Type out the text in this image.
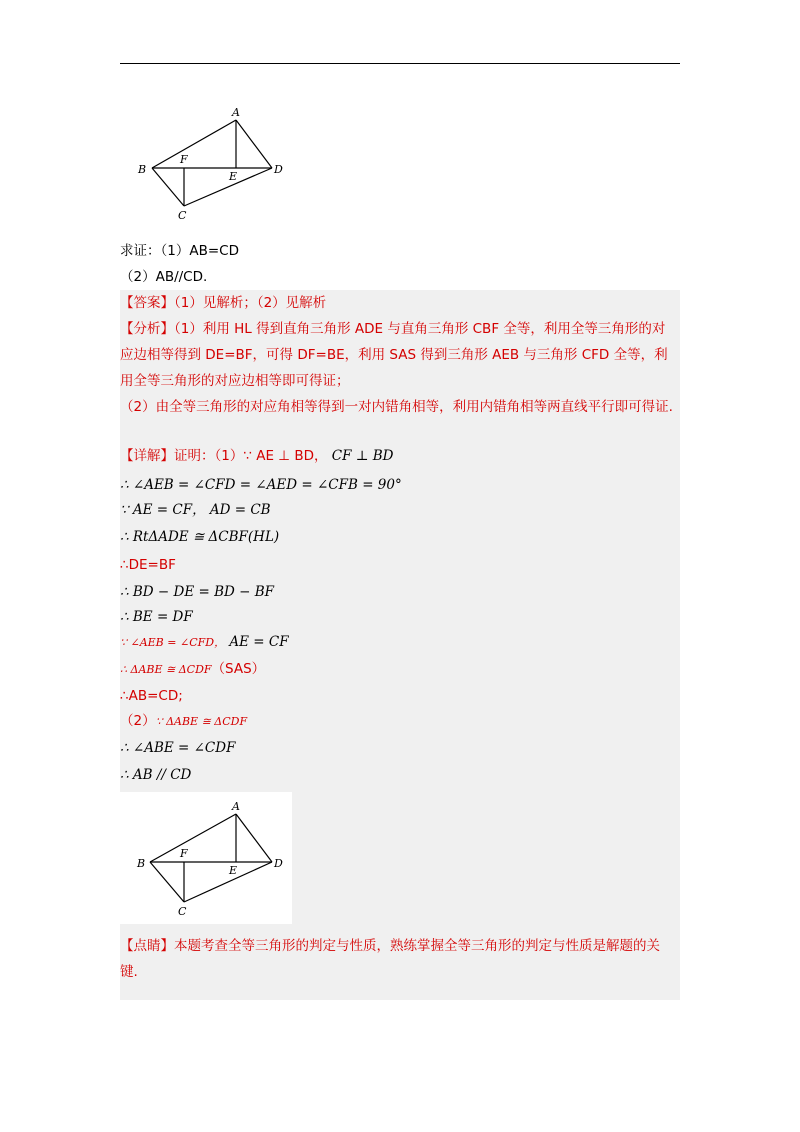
A
B
C
D
E
F
求证：（1）AB=CD
（2）AB//CD.
【答案】（1）见解析；（2）见解析
【分析】（1）利用 HL 得到直角三角形 ADE 与直角三角形 CBF 全等，利用全等三角形的对应边相等得到 DE=BF，可得 DF=BE，利用 SAS 得到三角形 AEB 与三角形 CFD 全等，利用全等三角形的对应边相等即可得证；
（2）由全等三角形的对应角相等得到一对内错角相等，利用内错角相等两直线平行即可得证.
【详解】证明：（1）∵ AE ⊥ BD， CF ⊥ BD
∴ ∠AEB = ∠CFD = ∠AED = ∠CFB = 90°
∵ AE = CF， AD = CB
∴ RtΔADE ≅ ΔCBF(HL)
∴DE=BF
∴ BD − DE = BD − BF
∴ BE = DF
∵ ∠AEB = ∠CFD， AE = CF
∴ ΔABE ≅ ΔCDF（SAS）
∴AB=CD;
（2）∵ ΔABE ≅ ΔCDF
∴ ∠ABE = ∠CDF
∴ AB // CD
A
B
C
D
E
F
【点睛】本题考查全等三角形的判定与性质，熟练掌握全等三角形的判定与性质是解题的关键.
